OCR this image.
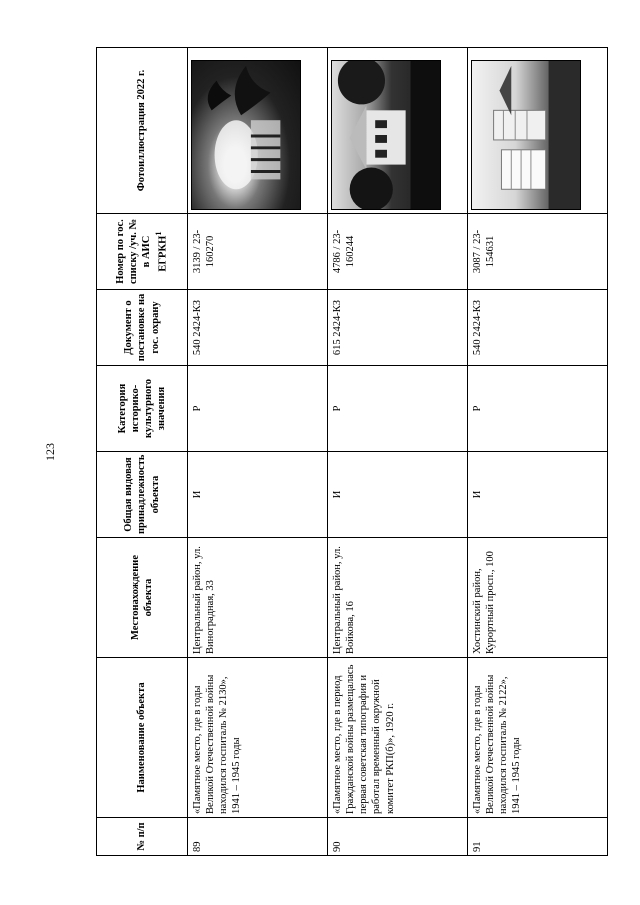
123
№ п/п	Наименование объекта	Местонахождение объекта	Общая видовая принадлежность объекта	Категория историко-культурного значения	Документ о постановке на гос. охрану	Номер по гос. списку /уч. № в АИС ЕГРКН$^1$	Фотоиллюстрация 2022 г.
89	«Памятное место, где в годы Великой Отечественной войны находился госпиталь № 2130», 1941 – 1945 годы	Центральный район, ул. Виноградная, 33	И	Р	540 2424-КЗ	3139 / 23-160270	

90	«Памятное место, где в период Гражданской войны размещалась первая советская типография и работал временный окружной комитет РКП(б)», 1920 г.	Центральный район, ул. Войкова, 16	И	Р	615 2424-КЗ	4786 / 23-160244	

91	«Памятное место, где в годы Великой Отечественной войны находился госпиталь № 2122», 1941 – 1945 годы	Хостинский район, Курортный просп., 100	И	Р	540 2424-КЗ	3087 / 23-154631	
